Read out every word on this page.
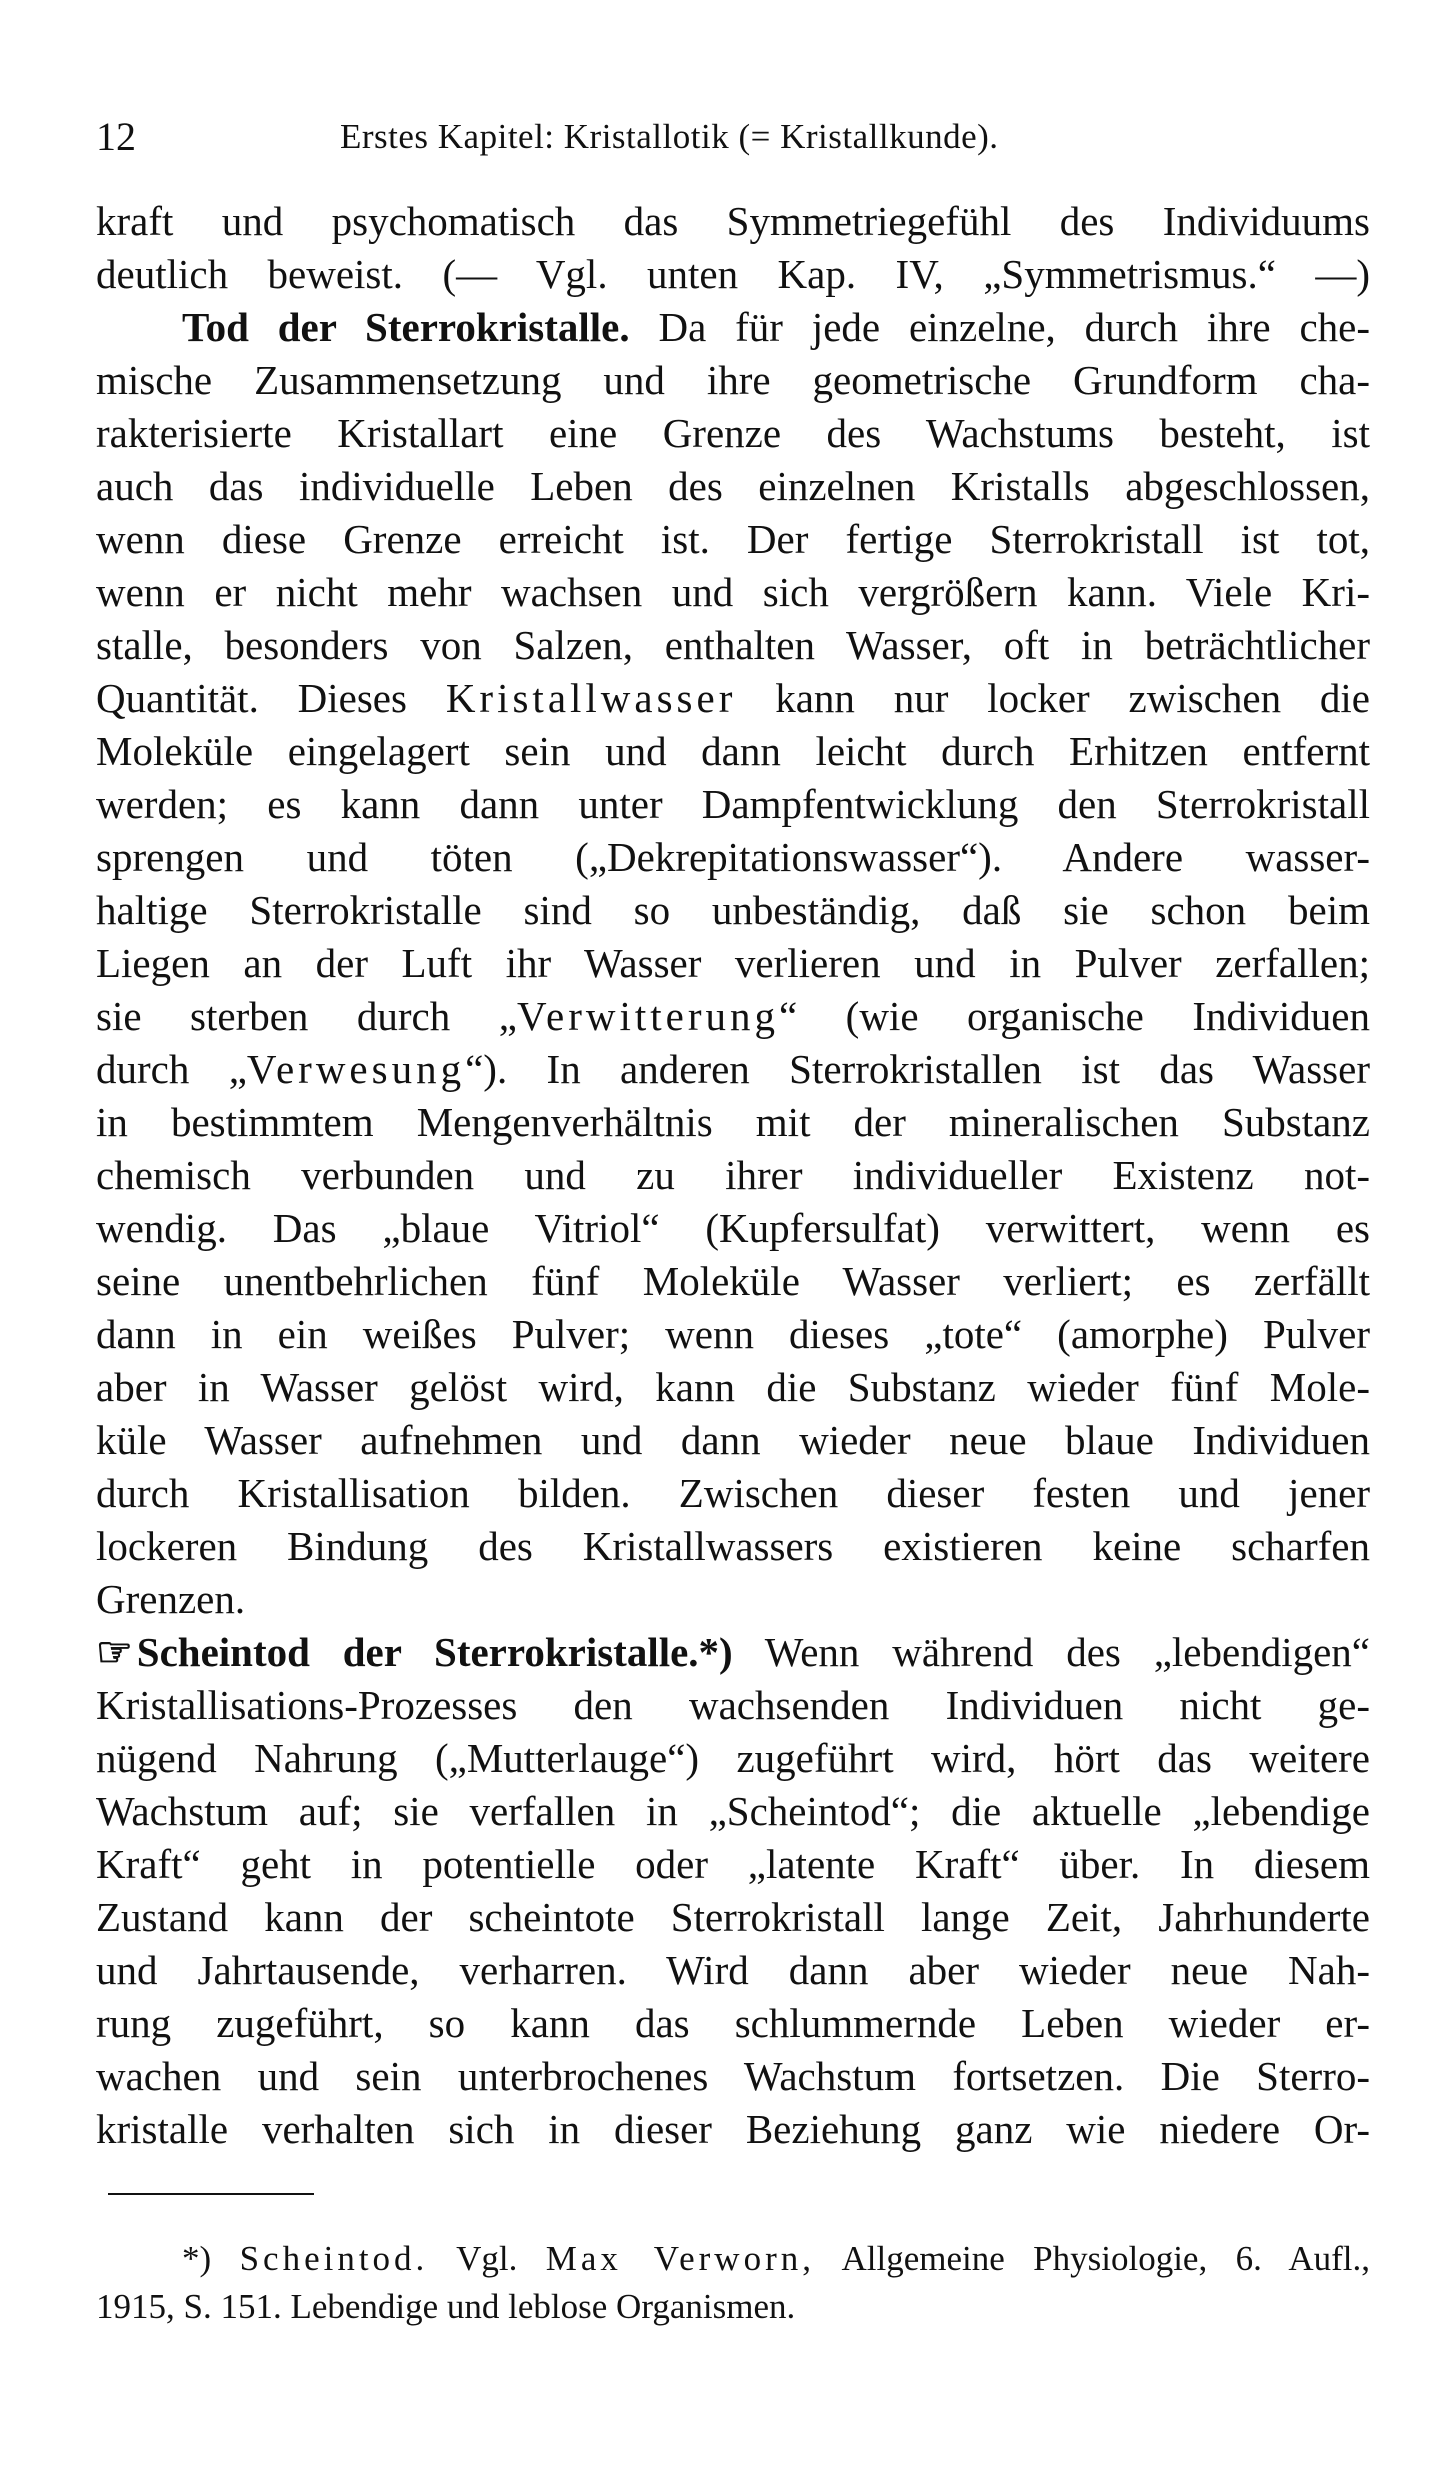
12	Erstes Kapitel: Kristallotik (= Kristallkunde).
kraft und psychomatisch das Symmetriegefühl des Individuums
deutlich beweist. (— Vgl. unten Kap. IV, „Symmetrismus.“ —)
Tod der Sterrokristalle. Da für jede einzelne, durch ihre che-
mische Zusammensetzung und ihre geometrische Grundform cha-
rakterisierte Kristallart eine Grenze des Wachstums besteht, ist
auch das individuelle Leben des einzelnen Kristalls abgeschlossen,
wenn diese Grenze erreicht ist. Der fertige Sterrokristall ist tot,
wenn er nicht mehr wachsen und sich vergrößern kann. Viele Kri-
stalle, besonders von Salzen, enthalten Wasser, oft in beträchtlicher
Quantität. Dieses Kristallwasser kann nur locker zwischen die
Moleküle eingelagert sein und dann leicht durch Erhitzen entfernt
werden; es kann dann unter Dampfentwicklung den Sterrokristall
sprengen und töten („Dekrepitationswasser“). Andere wasser-
haltige Sterrokristalle sind so unbeständig, daß sie schon beim
Liegen an der Luft ihr Wasser verlieren und in Pulver zerfallen;
sie sterben durch „Verwitterung“ (wie organische Individuen
durch „Verwesung“). In anderen Sterrokristallen ist das Wasser
in bestimmtem Mengenverhältnis mit der mineralischen Substanz
chemisch verbunden und zu ihrer individueller Existenz not-
wendig. Das „blaue Vitriol“ (Kupfersulfat) verwittert, wenn es
seine unentbehrlichen fünf Moleküle Wasser verliert; es zerfällt
dann in ein weißes Pulver; wenn dieses „tote“ (amorphe) Pulver
aber in Wasser gelöst wird, kann die Substanz wieder fünf Mole-
küle Wasser aufnehmen und dann wieder neue blaue Individuen
durch Kristallisation bilden. Zwischen dieser festen und jener
lockeren Bindung des Kristallwassers existieren keine scharfen
Grenzen.
☞ Scheintod der Sterrokristalle.*) Wenn während des „lebendigen“
Kristallisations-Prozesses den wachsenden Individuen nicht ge-
nügend Nahrung („Mutterlauge“) zugeführt wird, hört das weitere
Wachstum auf; sie verfallen in „Scheintod“; die aktuelle „lebendige
Kraft“ geht in potentielle oder „latente Kraft“ über. In diesem
Zustand kann der scheintote Sterrokristall lange Zeit, Jahrhunderte
und Jahrtausende, verharren. Wird dann aber wieder neue Nah-
rung zugeführt, so kann das schlummernde Leben wieder er-
wachen und sein unterbrochenes Wachstum fortsetzen. Die Sterro-
kristalle verhalten sich in dieser Beziehung ganz wie niedere Or-
*) Scheintod. Vgl. Max Verworn, Allgemeine Physiologie, 6. Aufl.,
1915, S. 151. Lebendige und leblose Organismen.
